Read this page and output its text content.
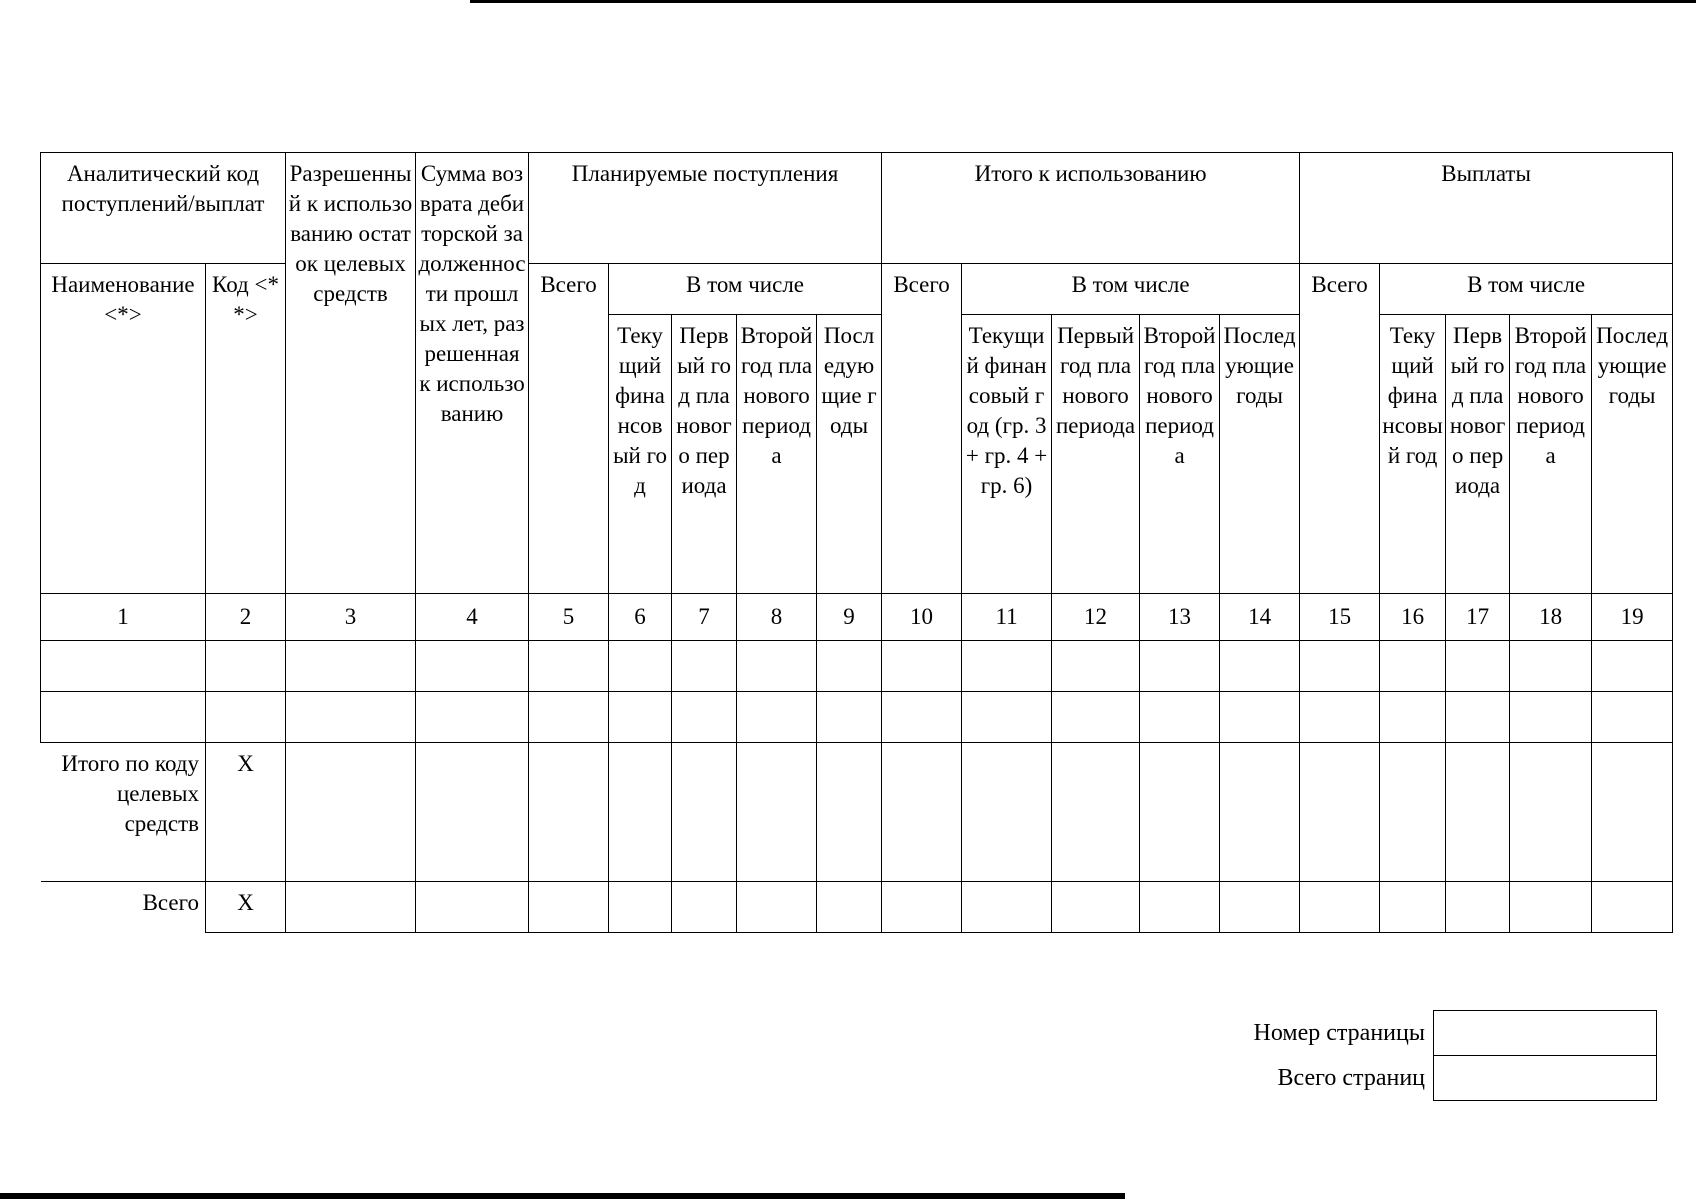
Аналитический код поступлений/выплат		Разрешенный к использованию остаток целевых средств	Сумма возврата дебиторской задолженности прошлых лет, разрешенная к использованию	Планируемые поступления					Итого к использованию					Выплаты				
Наименование <*>	Код <**>			Всего	В том числе				Всего	В том числе				Всего	В том числе			
					Текущий финансовый год	Первый год планового периода	Второй год планового периода	Последующие годы		Текущий финансовый год (гр. 3 + гр. 4 + гр. 6)	Первый год планового периода	Второй год планового периода	Последующие годы		Текущий финансовый год	Первый год планового периода	Второй год планового периода	Последующие годы
1	2	3	4	5	6	7	8	9	10	11	12	13	14	15	16	17	18	19

Итого по коду целевых средств	X																	
Всего	X																	
Номер страницы	
Всего страниц	
